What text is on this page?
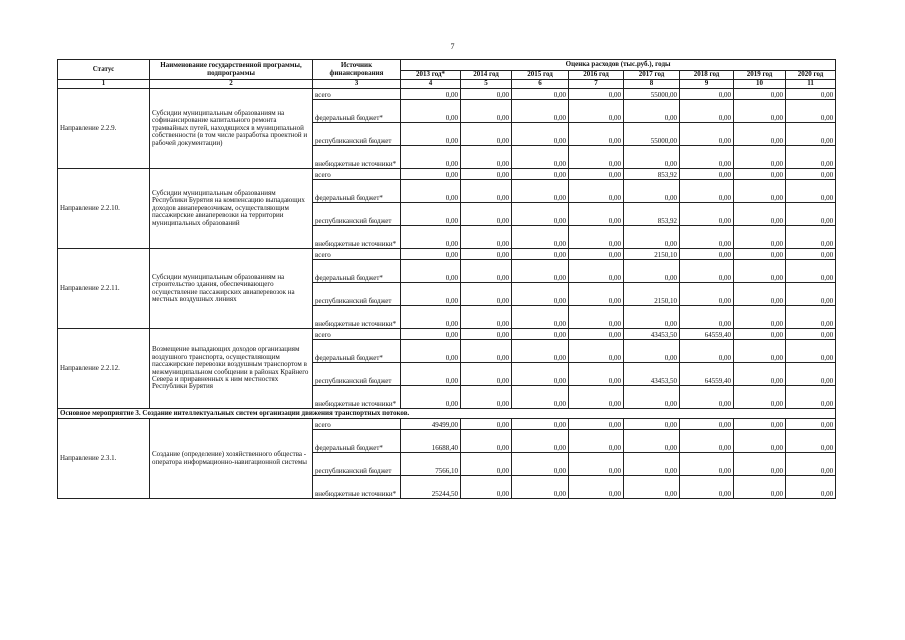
7
Статус	Наименование государственной программы, подпрограммы	Источник финансирования	Оценка расходов (тыс.руб.), годы							
			2013 год*	2014 год	2015 год	2016 год	2017 год	2018 год	2019 год	2020 год
1	2	3	4	5	6	7	8	9	10	11
Направление 2.2.9.	Субсидии муниципальным образованиям на софинансирование капитального ремонта трамвайных путей, находящихся в муниципальной собственности (в том числе разработка проектной и рабочей документации)	всего	0,00	0,00	0,00	0,00	55000,00	0,00	0,00	0,00
		федеральный бюджет*	0,00	0,00	0,00	0,00	0,00	0,00	0,00	0,00
		республиканский бюджет	0,00	0,00	0,00	0,00	55000,00	0,00	0,00	0,00
		внебюджетные источники*	0,00	0,00	0,00	0,00	0,00	0,00	0,00	0,00
Направление 2.2.10.	Субсидии муниципальным образованиям Республики Бурятия на компенсацию выпадающих доходов авиаперевозчикам, осуществляющим пассажирские авиаперевозки на территории муниципальных образований	всего	0,00	0,00	0,00	0,00	853,92	0,00	0,00	0,00
		федеральный бюджет*	0,00	0,00	0,00	0,00	0,00	0,00	0,00	0,00
		республиканский бюджет	0,00	0,00	0,00	0,00	853,92	0,00	0,00	0,00
		внебюджетные источники*	0,00	0,00	0,00	0,00	0,00	0,00	0,00	0,00
Направление 2.2.11.	Субсидии муниципальным образованиям на строительство здания, обеспечивающего осуществление пассажирских авиаперевозок на местных воздушных линиях	всего	0,00	0,00	0,00	0,00	2150,10	0,00	0,00	0,00
		федеральный бюджет*	0,00	0,00	0,00	0,00	0,00	0,00	0,00	0,00
		республиканский бюджет	0,00	0,00	0,00	0,00	2150,10	0,00	0,00	0,00
		внебюджетные источники*	0,00	0,00	0,00	0,00	0,00	0,00	0,00	0,00
Направление 2.2.12.	Возмещение выпадающих доходов организациям воздушного транспорта, осуществляющим пассажирские перевозки воздушным транспортом в межмуниципальном сообщении в районах Крайнего Севера и приравненных к ним местностях Республики Бурятия	всего	0,00	0,00	0,00	0,00	43453,50	64559,40	0,00	0,00
		федеральный бюджет*	0,00	0,00	0,00	0,00	0,00	0,00	0,00	0,00
		республиканский бюджет	0,00	0,00	0,00	0,00	43453,50	64559,40	0,00	0,00
		внебюджетные источники*	0,00	0,00	0,00	0,00	0,00	0,00	0,00	0,00
Основное мероприятие 3. Создание интеллектуальных систем организации движения транспортных потоков.										
Направление 2.3.1.	Создание (определение) хозяйственного общества - оператора информационно-навигационной системы	всего	49499,00	0,00	0,00	0,00	0,00	0,00	0,00	0,00
		федеральный бюджет*	16688,40	0,00	0,00	0,00	0,00	0,00	0,00	0,00
		республиканский бюджет	7566,10	0,00	0,00	0,00	0,00	0,00	0,00	0,00
		внебюджетные источники*	25244,50	0,00	0,00	0,00	0,00	0,00	0,00	0,00
